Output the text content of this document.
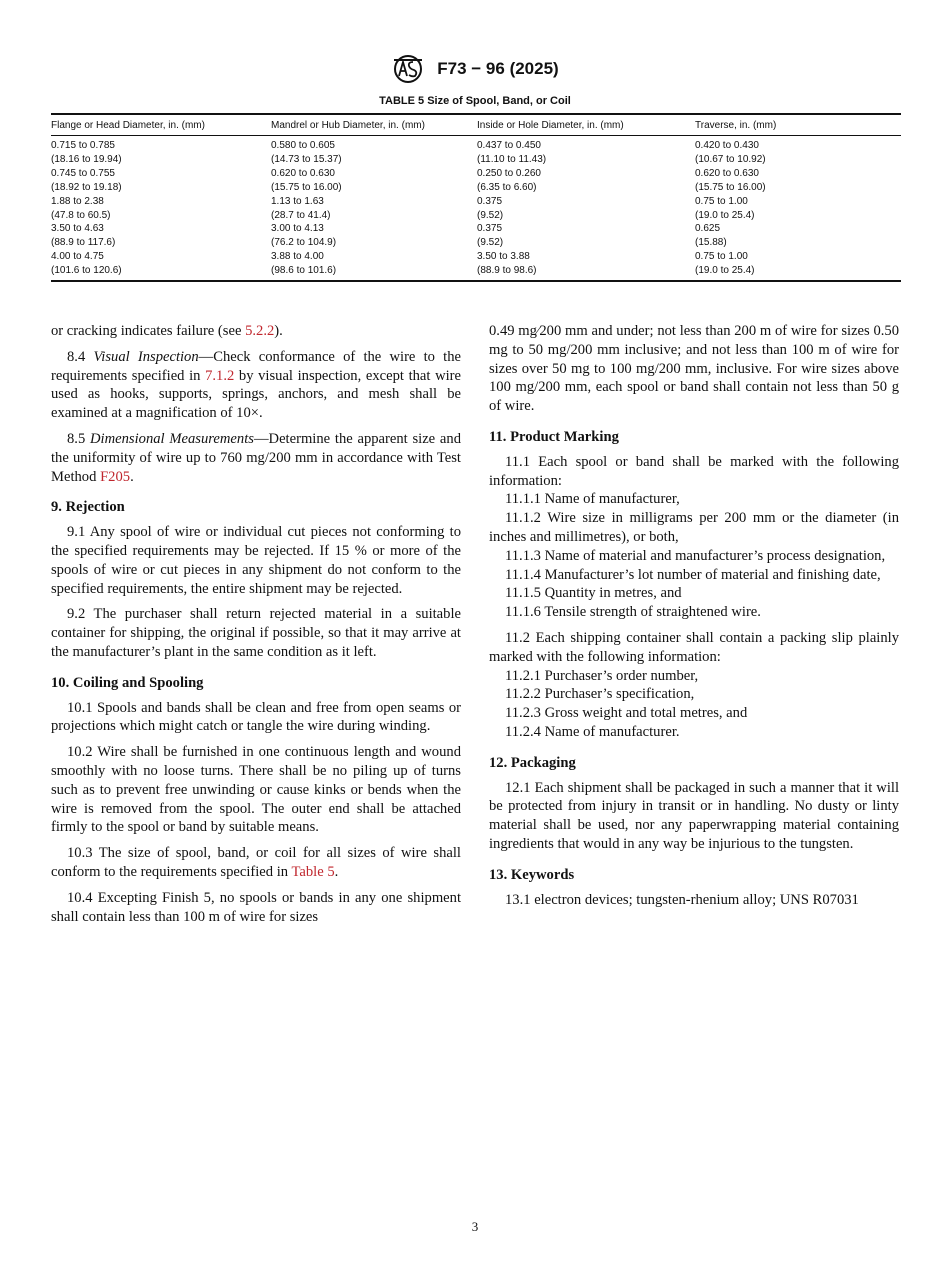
F73 − 96 (2025)
TABLE 5 Size of Spool, Band, or Coil
Flange or Head Diameter, in. (mm)	Mandrel or Hub Diameter, in. (mm)	Inside or Hole Diameter, in. (mm)	Traverse, in. (mm)
0.715 to 0.785	0.580 to 0.605	0.437 to 0.450	0.420 to 0.430
(18.16 to 19.94)	(14.73 to 15.37)	(11.10 to 11.43)	(10.67 to 10.92)
0.745 to 0.755	0.620 to 0.630	0.250 to 0.260	0.620 to 0.630
(18.92 to 19.18)	(15.75 to 16.00)	(6.35 to 6.60)	(15.75 to 16.00)
1.88 to 2.38	1.13 to 1.63	0.375	0.75 to 1.00
(47.8 to 60.5)	(28.7 to 41.4)	(9.52)	(19.0 to 25.4)
3.50 to 4.63	3.00 to 4.13	0.375	0.625
(88.9 to 117.6)	(76.2 to 104.9)	(9.52)	(15.88)
4.00 to 4.75	3.88 to 4.00	3.50 to 3.88	0.75 to 1.00
(101.6 to 120.6)	(98.6 to 101.6)	(88.9 to 98.6)	(19.0 to 25.4)

or cracking indicates failure (see 5.2.2).

8.4 Visual Inspection—Check conformance of the wire to the requirements specified in 7.1.2 by visual inspection, except that wire used as hooks, supports, springs, anchors, and mesh shall be examined at a magnification of 10×.

8.5 Dimensional Measurements—Determine the apparent size and the uniformity of wire up to 760 mg/200 mm in accordance with Test Method F205.

9. Rejection

9.1 Any spool of wire or individual cut pieces not conforming to the specified requirements may be rejected. If 15 % or more of the spools of wire or cut pieces in any shipment do not conform to the specified requirements, the entire shipment may be rejected.

9.2 The purchaser shall return rejected material in a suitable container for shipping, the original if possible, so that it may arrive at the manufacturer’s plant in the same condition as it left.

10. Coiling and Spooling

10.1 Spools and bands shall be clean and free from open seams or projections which might catch or tangle the wire during winding.

10.2 Wire shall be furnished in one continuous length and wound smoothly with no loose turns. There shall be no piling up of turns such as to prevent free unwinding or cause kinks or bends when the wire is removed from the spool. The outer end shall be attached firmly to the spool or band by suitable means.

10.3 The size of spool, band, or coil for all sizes of wire shall conform to the requirements specified in Table 5.

10.4 Excepting Finish 5, no spools or bands in any one shipment shall contain less than 100 m of wire for sizes

0.49 mg⁄200 mm and under; not less than 200 m of wire for sizes 0.50 mg to 50 mg/200 mm inclusive; and not less than 100 m of wire for sizes over 50 mg to 100 mg/200 mm, inclusive. For wire sizes above 100 mg/200 mm, each spool or band shall contain not less than 50 g of wire.

11. Product Marking

11.1 Each spool or band shall be marked with the following information:

11.1.1 Name of manufacturer,

11.1.2 Wire size in milligrams per 200 mm or the diameter (in inches and millimetres), or both,

11.1.3 Name of material and manufacturer’s process designation,

11.1.4 Manufacturer’s lot number of material and finishing date,

11.1.5 Quantity in metres, and

11.1.6 Tensile strength of straightened wire.

11.2 Each shipping container shall contain a packing slip plainly marked with the following information:

11.2.1 Purchaser’s order number,

11.2.2 Purchaser’s specification,

11.2.3 Gross weight and total metres, and

11.2.4 Name of manufacturer.

12. Packaging

12.1 Each shipment shall be packaged in such a manner that it will be protected from injury in transit or in handling. No dusty or linty material shall be used, nor any paperwrapping material containing ingredients that would in any way be injurious to the tungsten.

13. Keywords

13.1 electron devices; tungsten-rhenium alloy; UNS R07031

3
